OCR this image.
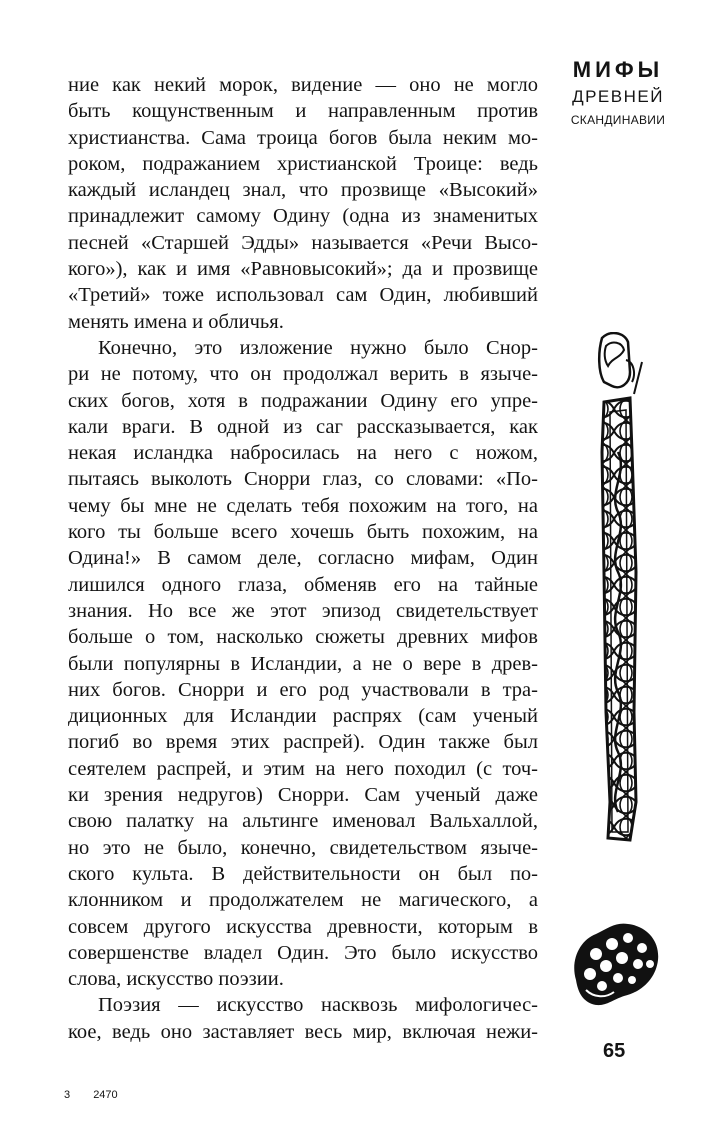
МИФЫ
ДРЕВНЕЙ
СКАНДИНАВИИ
ние как некий морок, видение — оно не могло
быть кощунственным и направленным против
христианства. Сама троица богов была неким мо-
роком, подражанием христианской Троице: ведь
каждый исландец знал, что прозвище «Высокий»
принадлежит самому Одину (одна из знаменитых
песней «Старшей Эдды» называется «Речи Высо-
кого»), как и имя «Равновысокий»; да и прозвище
«Третий» тоже использовал сам Один, любивший
менять имена и обличья.
Конечно, это изложение нужно было Снор-
ри не потому, что он продолжал верить в языче-
ских богов, хотя в подражании Одину его упре-
кали враги. В одной из саг рассказывается, как
некая исландка набросилась на него с ножом,
пытаясь выколоть Снорри глаз, со словами: «По-
чему бы мне не сделать тебя похожим на того, на
кого ты больше всего хочешь быть похожим, на
Одина!» В самом деле, согласно мифам, Один
лишился одного глаза, обменяв его на тайные
знания. Но все же этот эпизод свидетельствует
больше о том, насколько сюжеты древних мифов
были популярны в Исландии, а не о вере в древ-
них богов. Снорри и его род участвовали в тра-
диционных для Исландии распрях (сам ученый
погиб во время этих распрей). Один также был
сеятелем распрей, и этим на него походил (с точ-
ки зрения недругов) Снорри. Сам ученый даже
свою палатку на альтинге именовал Вальхаллой,
но это не было, конечно, свидетельством языче-
ского культа. В действительности он был по-
клонником и продолжателем не магического, а
совсем другого искусства древности, которым в
совершенстве владел Один. Это было искусство
слова, искусство поэзии.
Поэзия — искусство насквозь мифологичес-
кое, ведь оно заставляет весь мир, включая нежи-
65
3 2470
